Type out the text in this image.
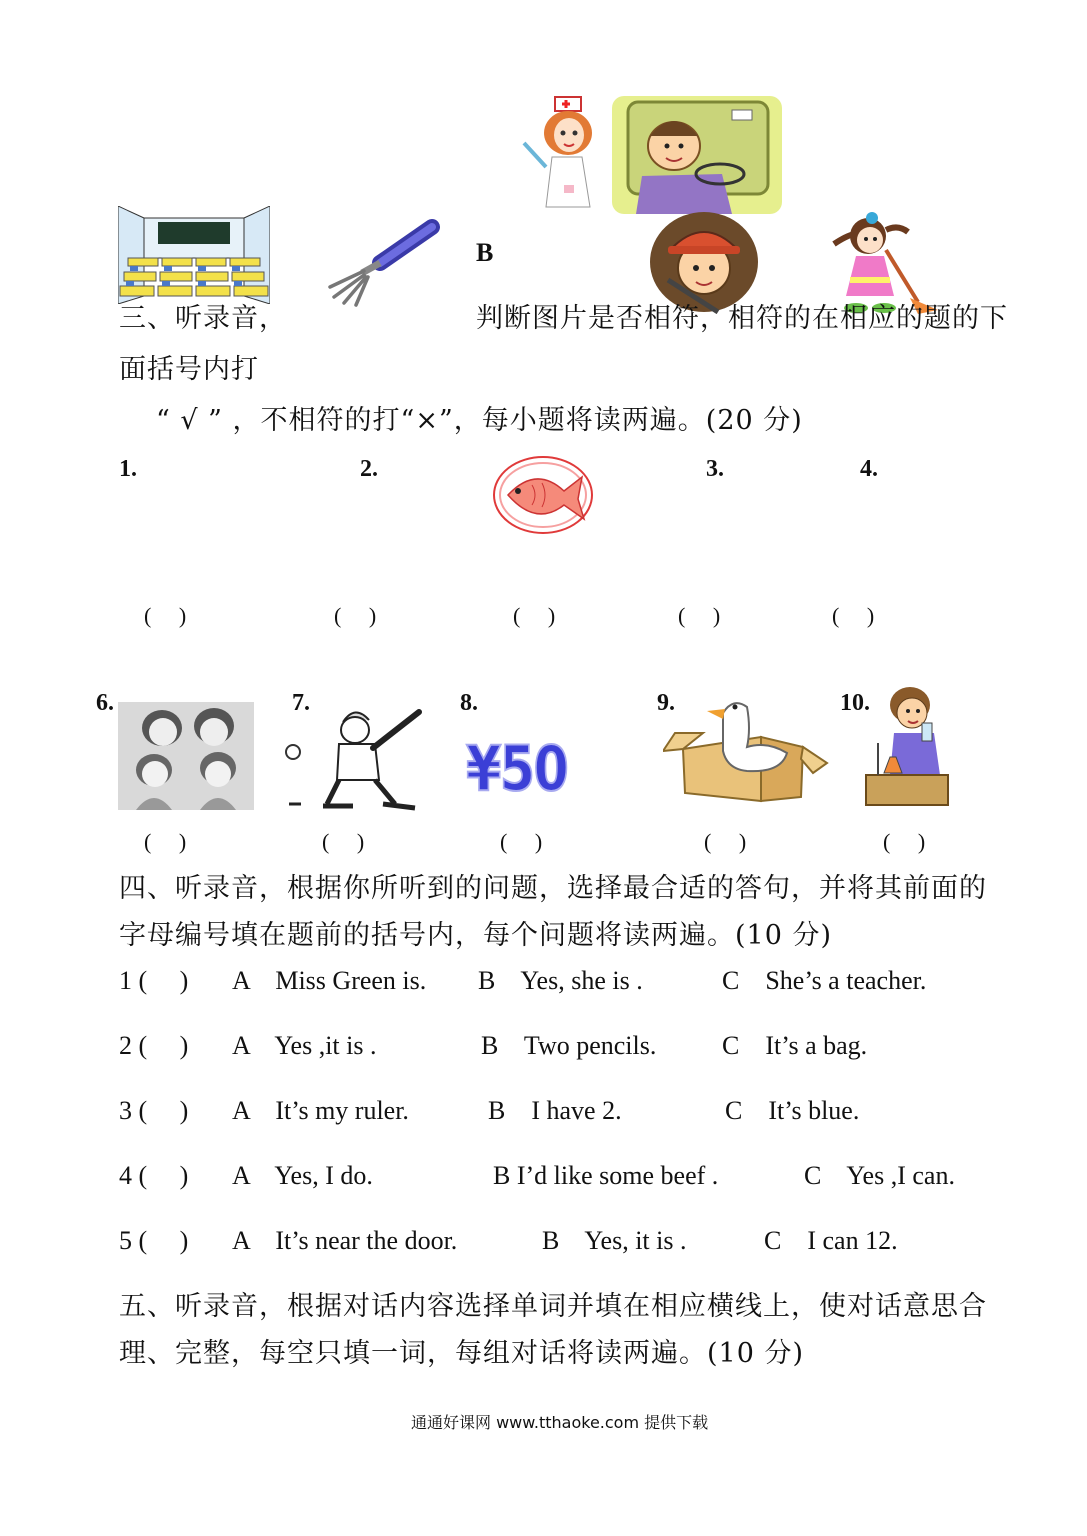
B
三、听录音，	判断图片是否相符，相符的在相应的题的下
面括号内打
“ √ ” ，不相符的打“×”，每小题将读两遍。(20 分)
1.	2.	3.	4.
(     )	(     )	(     )	(     )	(     )
6.	7.	8.	9.	10.
¥50
(     )	(     )	(     )	(     )	(     )
四、听录音，根据你所听到的问题，选择最合适的答句，并将其前面的
字母编号填在题前的括号内，每个问题将读两遍。(10 分)
1 (     ) A    Miss Green is. B    Yes, she is .	C    She’s a teacher.
2 (     ) A    Yes ,it is .	B    Two pencils.	C    It’s a bag.
3 (     ) A    It’s my ruler.	B    I have 2.	C    It’s blue.
4 (     ) A    Yes, I do.	B I’d like some beef .	C    Yes ,I can.
5 (     ) A    It’s near the door.	B    Yes, it is .	C    I can 12.
五、听录音，根据对话内容选择单词并填在相应横线上，使对话意思合
理、完整，每空只填一词，每组对话将读两遍。(10 分)
通通好课网 www.tthaoke.com 提供下载
